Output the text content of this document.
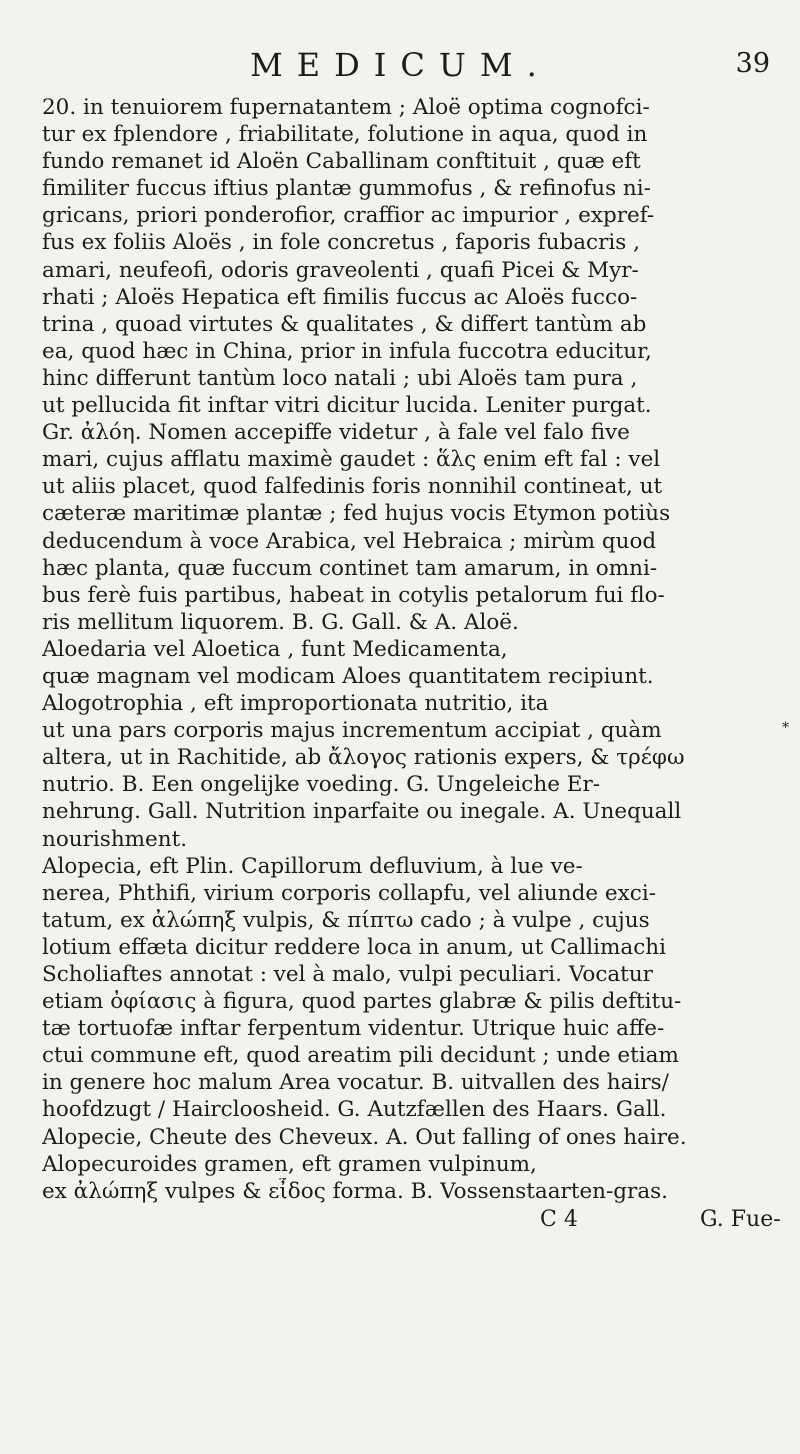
MEDICUM.	39
20. in tenuiorem fupernatantem ; Aloë optima cognofci-
tur ex fplendore , friabilitate, folutione in aqua, quod in
fundo remanet id Aloën Caballinam conftituit , quæ eft
fimiliter fuccus iftius plantæ gummofus , & refinofus ni-
gricans, priori ponderofior, craffior ac impurior , expref-
fus ex foliis Aloës , in fole concretus , faporis fubacris ,
amari, neufeofi, odoris graveolenti , quafi Picei & Myr-
rhati ; Aloës Hepatica eft fimilis fuccus ac Aloës fucco-
trina , quoad virtutes & qualitates , & differt tantùm ab
ea, quod hæc in China, prior in infula fuccotra educitur,
hinc differunt tantùm loco natali ; ubi Aloës tam pura ,
ut pellucida fit inftar vitri dicitur lucida. Leniter purgat.
Gr. ἀλόη. Nomen accepiffe videtur , à fale vel falo five
mari, cujus afflatu maximè gaudet : ἅλς enim eft fal : vel
ut aliis placet, quod falfedinis foris nonnihil contineat, ut
cæteræ maritimæ plantæ ; fed hujus vocis Etymon potiùs
deducendum à voce Arabica, vel Hebraica ; mirùm quod
hæc planta, quæ fuccum continet tam amarum, in omni-
bus ferè fuis partibus, habeat in cotylis petalorum fui flo-
ris mellitum liquorem. B. G. Gall. & A. Aloë.
Aloedaria vel Aloetica , funt Medicamenta,
quæ magnam vel modicam Aloes quantitatem recipiunt.
Alogotrophia , eft improportionata nutritio, ita
ut una pars corporis majus incrementum accipiat , quàm
altera, ut in Rachitide, ab ἄλογος rationis expers, & τρέφω
nutrio. B. Een ongelijke voeding. G. Ungeleiche Er-
nehrung. Gall. Nutrition inparfaite ou inegale. A. Unequall
nourishment.
Alopecia, eft Plin. Capillorum defluvium, à lue ve-
nerea, Phthifi, virium corporis collapfu, vel aliunde exci-
tatum, ex ἀλώπηξ vulpis, & πίπτω cado ; à vulpe , cujus
lotium effæta dicitur reddere loca in anum, ut Callimachi
Scholiaftes annotat : vel à malo, vulpi peculiari. Vocatur
etiam ὀφίασις à figura, quod partes glabræ & pilis deftitu-
tæ tortuofæ inftar ferpentum videntur. Utrique huic affe-
ctui commune eft, quod areatim pili decidunt ; unde etiam
in genere hoc malum Area vocatur. B. uitvallen des hairs/
hoofdzugt / Haircloosheid. G. Autzfællen des Haars. Gall.
Alopecie, Cheute des Cheveux. A. Out falling of ones haire.
Alopecuroides gramen, eft gramen vulpinum,
ex ἀλώπηξ vulpes & εἶδος forma. B. Vossenstaarten-gras.
C 4	G. Fue-
*
